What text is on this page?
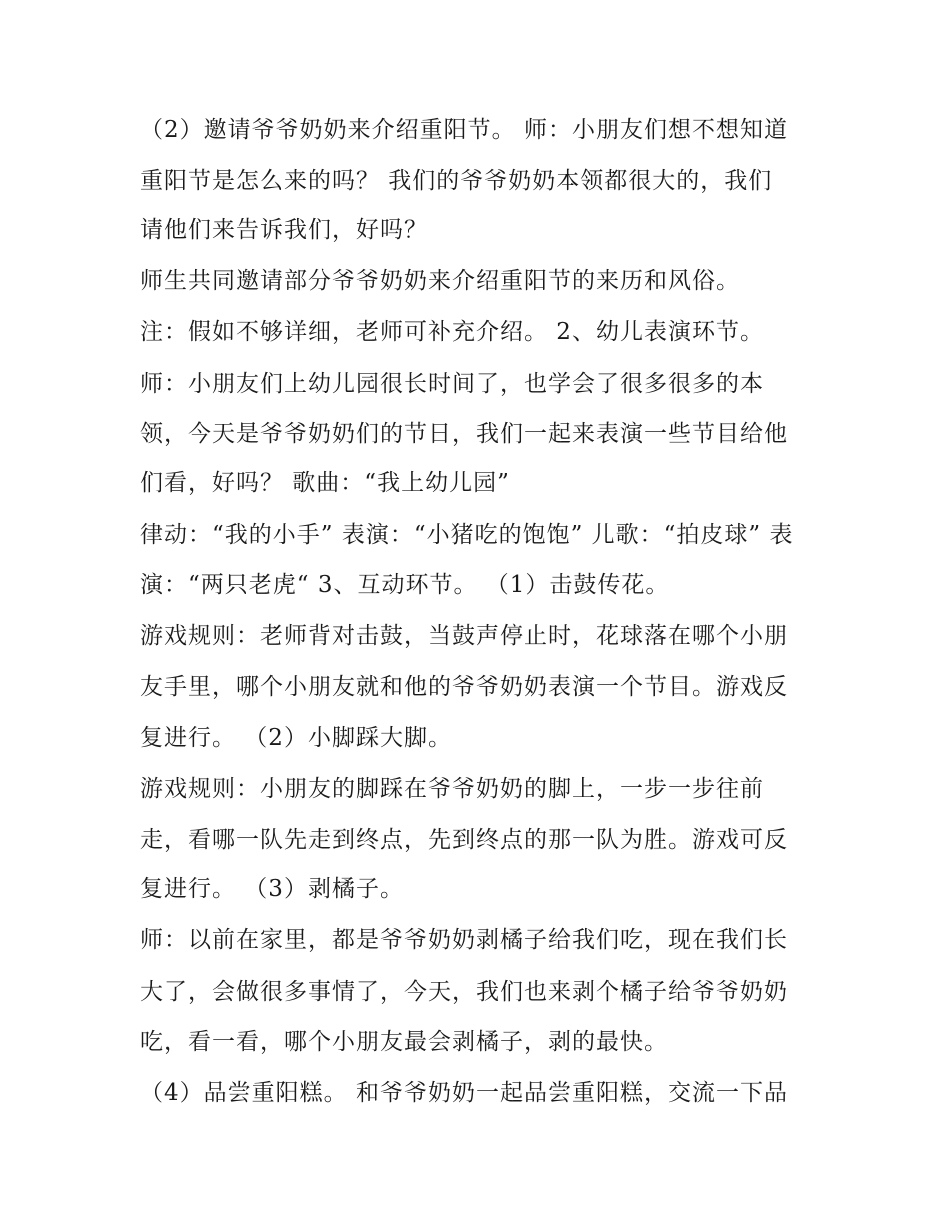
（2）邀请爷爷奶奶来介绍重阳节。 师：小朋友们想不想知道
重阳节是怎么来的吗？ 我们的爷爷奶奶本领都很大的，我们
请他们来告诉我们，好吗？
师生共同邀请部分爷爷奶奶来介绍重阳节的来历和风俗。
注：假如不够详细，老师可补充介绍。 2、幼儿表演环节。
师：小朋友们上幼儿园很长时间了，也学会了很多很多的本
领，今天是爷爷奶奶们的节日，我们一起来表演一些节目给他
们看，好吗？ 歌曲：“我上幼儿园”
律动：“我的小手” 表演：“小猪吃的饱饱” 儿歌：“拍皮球” 表
演：“两只老虎“ 3、互动环节。 （1）击鼓传花。
游戏规则：老师背对击鼓，当鼓声停止时，花球落在哪个小朋
友手里，哪个小朋友就和他的爷爷奶奶表演一个节目。游戏反
复进行。 （2）小脚踩大脚。
游戏规则：小朋友的脚踩在爷爷奶奶的脚上，一步一步往前
走，看哪一队先走到终点，先到终点的那一队为胜。游戏可反
复进行。 （3）剥橘子。
师：以前在家里，都是爷爷奶奶剥橘子给我们吃，现在我们长
大了，会做很多事情了，今天，我们也来剥个橘子给爷爷奶奶
吃，看一看，哪个小朋友最会剥橘子，剥的最快。
（4）品尝重阳糕。 和爷爷奶奶一起品尝重阳糕，交流一下品
